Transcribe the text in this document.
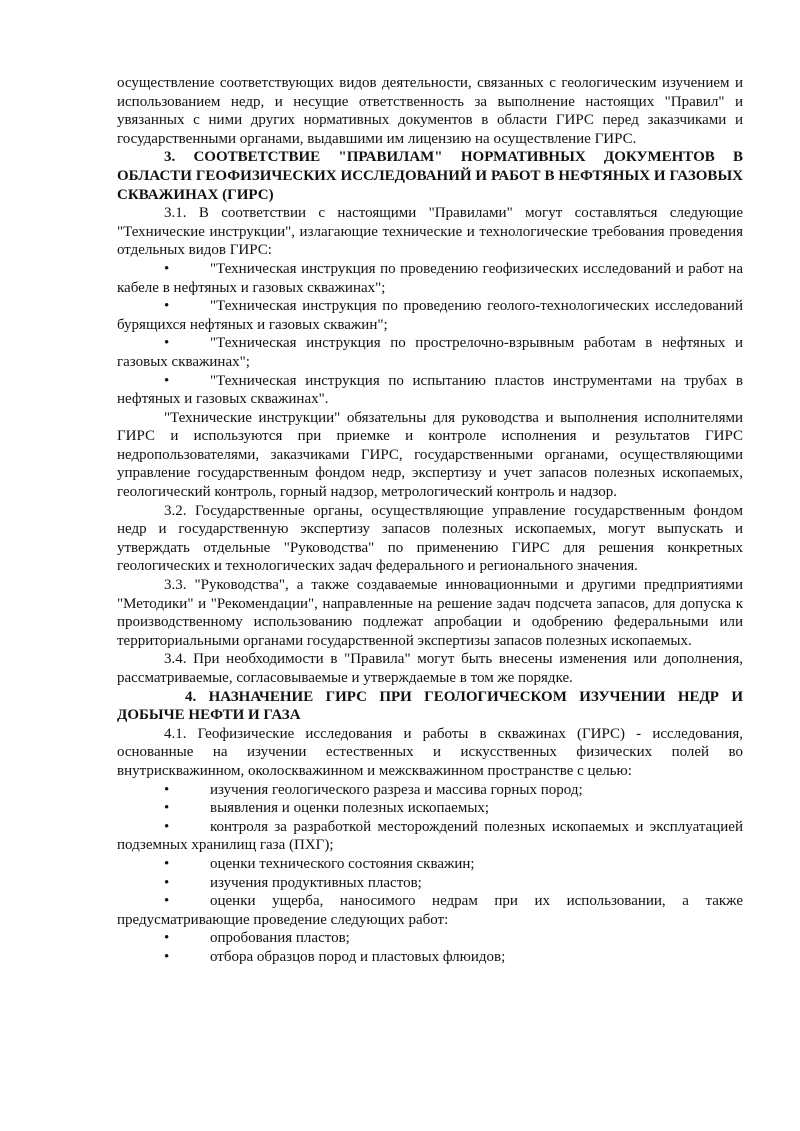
осуществление соответствующих видов деятельности, связанных с геологическим изучением и использованием недр, и несущие ответственность за выполнение настоящих "Правил" и увязанных с ними других нормативных документов в области ГИРС перед заказчиками и государственными органами, выдавшими им лицензию на осуществление ГИРС.

3. СООТВЕТСТВИЕ "ПРАВИЛАМ" НОРМАТИВНЫХ ДОКУМЕНТОВ В ОБЛАСТИ ГЕОФИЗИЧЕСКИХ ИССЛЕДОВАНИЙ И РАБОТ В НЕФТЯНЫХ И ГАЗОВЫХ СКВАЖИНАХ (ГИРС)

3.1. В соответствии с настоящими "Правилами" могут составляться следующие "Технические инструкции", излагающие технические и технологические требования проведения отдельных видов ГИРС:

•	"Техническая инструкция по проведению геофизических исследований и работ на кабеле в нефтяных и газовых скважинах";

•	"Техническая инструкция по проведению геолого-технологических исследований бурящихся нефтяных и газовых скважин";

•	"Техническая инструкция по прострелочно-взрывным работам в нефтяных и газовых скважинах";

•	"Техническая инструкция по испытанию пластов инструментами на трубах в нефтяных и газовых скважинах".

"Технические инструкции" обязательны для руководства и выполнения исполнителями ГИРС и используются при приемке и контроле исполнения и результатов ГИРС недропользователями, заказчиками ГИРС, государственными органами, осуществляющими управление государственным фондом недр, экспертизу и учет запасов полезных ископаемых, геологический контроль, горный надзор, метрологический контроль и надзор.

3.2. Государственные органы, осуществляющие управление государственным фондом недр и государственную экспертизу запасов полезных ископаемых, могут выпускать и утверждать отдельные "Руководства" по применению ГИРС для решения конкретных геологических и технологических задач федерального и регионального значения.

3.3. "Руководства", а также создаваемые инновационными и другими предприятиями "Методики" и "Рекомендации", направленные на решение задач подсчета запасов, для допуска к производственному использованию подлежат апробации и одобрению федеральными или территориальными органами государственной экспертизы запасов полезных ископаемых.

3.4. При необходимости в "Правила" могут быть внесены изменения или дополнения, рассматриваемые, согласовываемые и утверждаемые в том же порядке.

4. НАЗНАЧЕНИЕ ГИРС ПРИ ГЕОЛОГИЧЕСКОМ ИЗУЧЕНИИ НЕДР И ДОБЫЧЕ НЕФТИ И ГАЗА

4.1. Геофизические исследования и работы в скважинах (ГИРС) - исследования, основанные на изучении естественных и искусственных физических полей во внутрискважинном, околоскважинном и межскважинном пространстве с целью:

•	изучения геологического разреза и массива горных пород;

•	выявления и оценки полезных ископаемых;

•	контроля за разработкой месторождений полезных ископаемых и эксплуатацией подземных хранилищ газа (ПХГ);

•	оценки технического состояния скважин;

•	изучения продуктивных пластов;

•	оценки ущерба, наносимого недрам при их использовании, а также предусматривающие проведение следующих работ:

•	опробования пластов;

•	отбора образцов пород и пластовых флюидов;
